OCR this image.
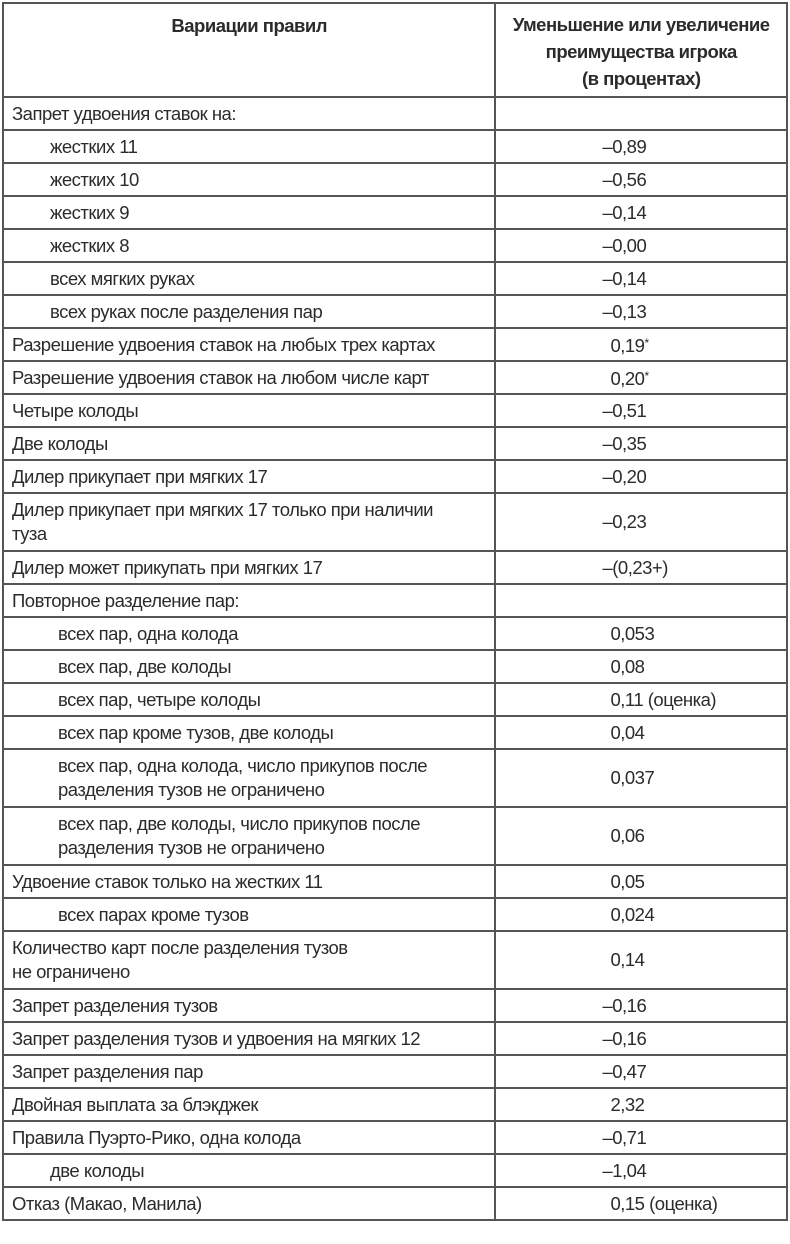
Вариации правил	Уменьшение или увеличение
преимущества игрока
(в процентах)

Запрет удвоения ставок на:	
жестких 11	–0,89
жестких 10	–0,56
жестких 9	–0,14
жестких 8	–0,00
всех мягких руках	–0,14
всех руках после разделения пар	–0,13
Разрешение удвоения ставок на любых трех картах	0,19*
Разрешение удвоения ставок на любом числе карт	0,20*
Четыре колоды	–0,51
Две колоды	–0,35
Дилер прикупает при мягких 17	–0,20

Дилер прикупает при мягких 17 только при наличии
туза	–0,23
Дилер может прикупать при мягких 17	–(0,23+)
Повторное разделение пар:	
всех пар, одна колода	0,053
всех пар, две колоды	0,08
всех пар, четыре колоды	0,11 (оценка)
всех пар кроме тузов, две колоды	0,04

всех пар, одна колода, число прикупов после
разделения тузов не ограничено	0,037

всех пар, две колоды, число прикупов после
разделения тузов не ограничено	0,06
Удвоение ставок только на жестких 11	0,05
всех парах кроме тузов	0,024

Количество карт после разделения тузов
не ограничено	0,14
Запрет разделения тузов	–0,16
Запрет разделения тузов и удвоения на мягких 12	–0,16
Запрет разделения пар	–0,47
Двойная выплата за блэкджек	2,32
Правила Пуэрто-Рико, одна колода	–0,71
две колоды	–1,04
Отказ (Макао, Манила)	0,15 (оценка)
